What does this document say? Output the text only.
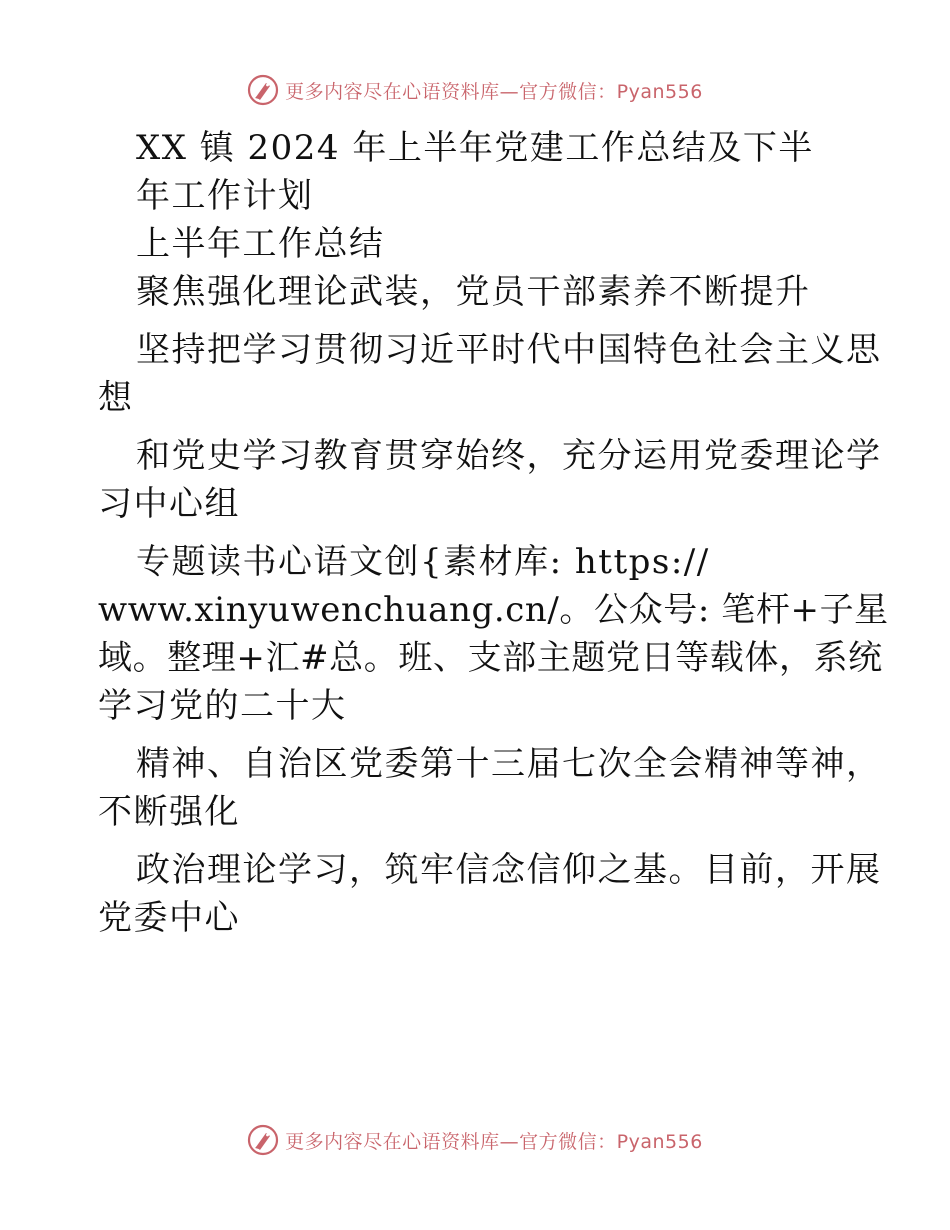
更多内容尽在心语资料库—官方微信：Pyan556
XX 镇 2024 年上半年党建工作总结及下半
年工作计划
上半年工作总结
聚焦强化理论武装，党员干部素养不断提升
坚持把学习贯彻习近平时代中国特色社会主义思
想
和党史学习教育贯穿始终，充分运用党委理论学
习中心组
专题读书心语文创{素材库: https://
www.xinyuwenchuang.cn/。公众号: 笔杆+子星
域。整理+汇#总。班、支部主题党日等载体，系统
学习党的二十大
精神、自治区党委第十三届七次全会精神等神，
不断强化
政治理论学习，筑牢信念信仰之基。目前，开展
党委中心
更多内容尽在心语资料库—官方微信：Pyan556
